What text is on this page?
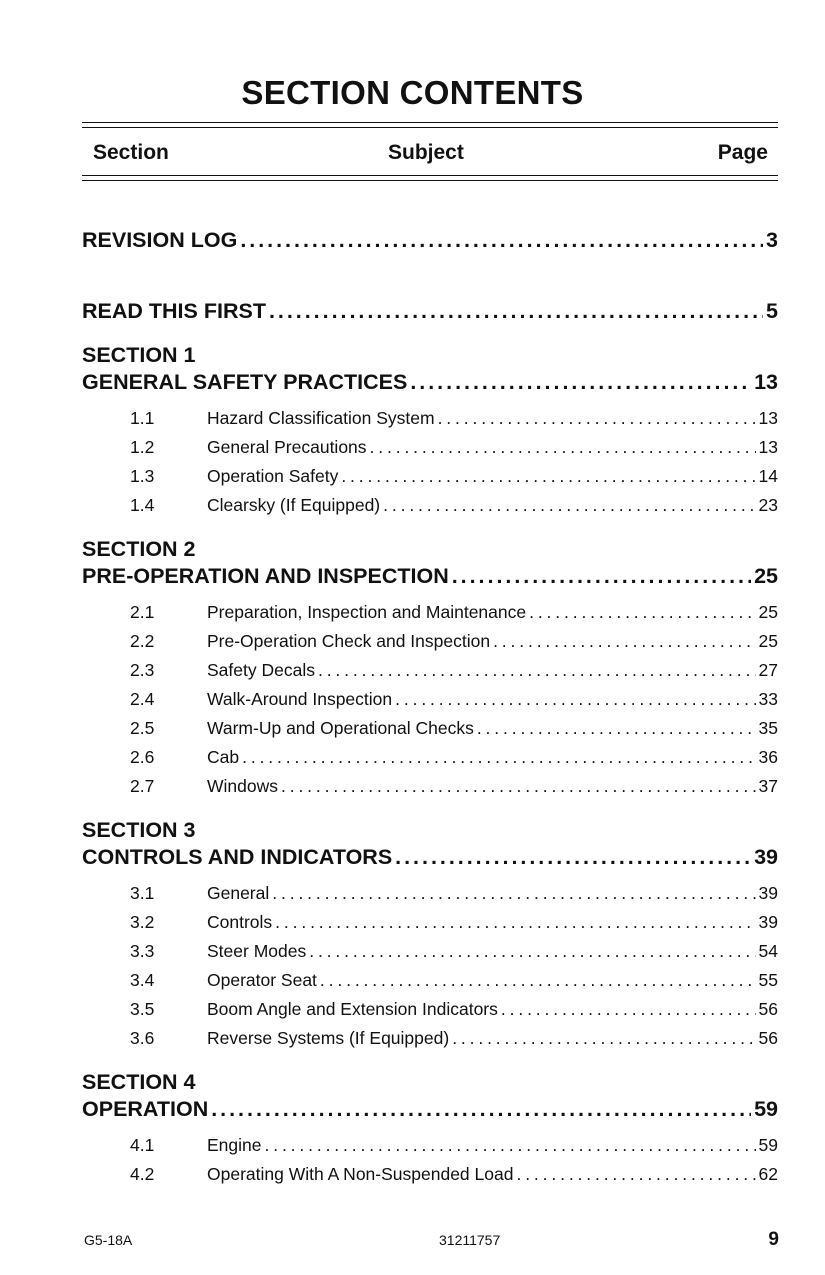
SECTION CONTENTS
Section	Subject	Page
REVISION LOG . . .	3
READ THIS FIRST . . .	5
SECTION 1
GENERAL SAFETY PRACTICES . . .	13
1.1	Hazard Classification System . . .	13
1.2	General Precautions . . .	13
1.3	Operation Safety . . .	14
1.4	Clearsky (If Equipped) . . .	23
SECTION 2
PRE-OPERATION AND INSPECTION . . .	25
2.1	Preparation, Inspection and Maintenance . . .	25
2.2	Pre-Operation Check and Inspection . . .	25
2.3	Safety Decals . . .	27
2.4	Walk-Around Inspection . . .	33
2.5	Warm-Up and Operational Checks . . .	35
2.6	Cab . . .	36
2.7	Windows . . .	37
SECTION 3
CONTROLS AND INDICATORS . . .	39
3.1	General . . .	39
3.2	Controls . . .	39
3.3	Steer Modes . . .	54
3.4	Operator Seat . . .	55
3.5	Boom Angle and Extension Indicators . . .	56
3.6	Reverse Systems (If Equipped) . . .	56
SECTION 4
OPERATION . . .	59
4.1	Engine . . .	59
4.2	Operating With A Non-Suspended Load . . .	62
G5-18A	31211757	9
